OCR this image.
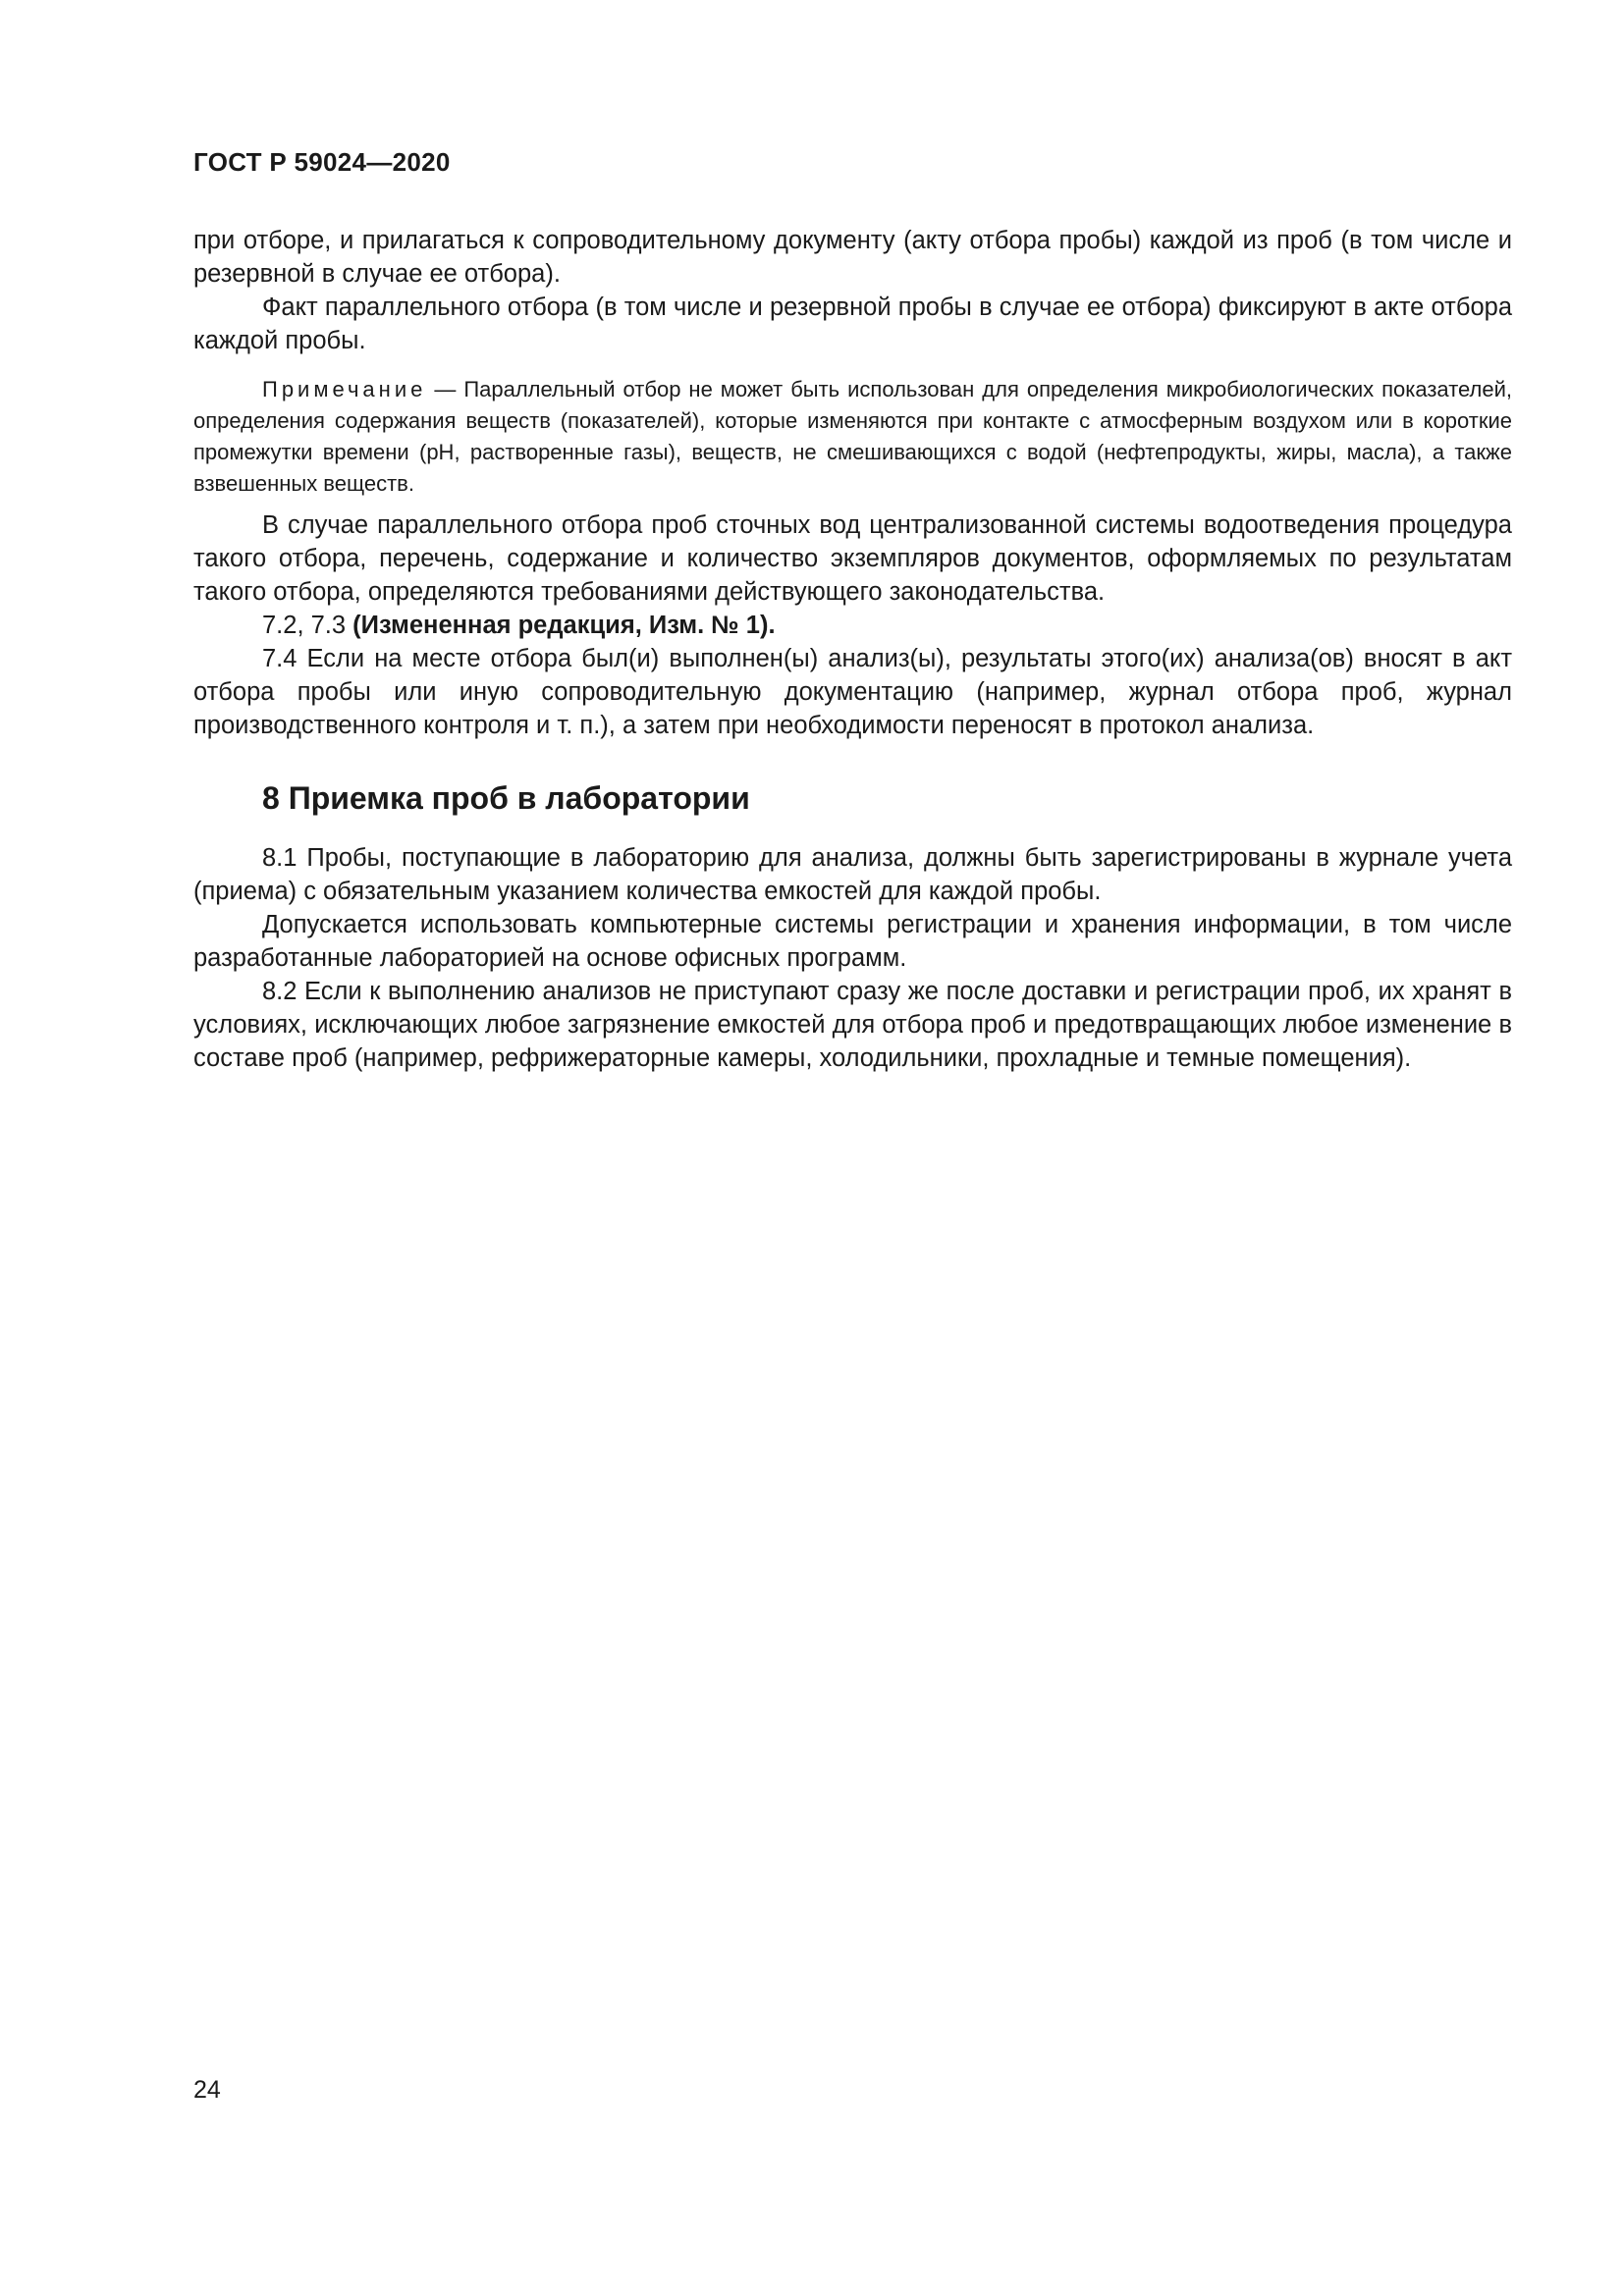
ГОСТ Р 59024—2020

при отборе, и прилагаться к сопроводительному документу (акту отбора пробы) каждой из проб (в том числе и резервной в случае ее отбора).

Факт параллельного отбора (в том числе и резервной пробы в случае ее отбора) фиксируют в акте отбора каждой пробы.

Примечание — Параллельный отбор не может быть использован для определения микробиологических показателей, определения содержания веществ (показателей), которые изменяются при контакте с атмосферным воздухом или в короткие промежутки времени (pH, растворенные газы), веществ, не смешивающихся с водой (нефтепродукты, жиры, масла), а также взвешенных веществ.

В случае параллельного отбора проб сточных вод централизованной системы водоотведения процедура такого отбора, перечень, содержание и количество экземпляров документов, оформляемых по результатам такого отбора, определяются требованиями действующего законодательства.

7.2, 7.3 (Измененная редакция, Изм. № 1).

7.4 Если на месте отбора был(и) выполнен(ы) анализ(ы), результаты этого(их) анализа(ов) вносят в акт отбора пробы или иную сопроводительную документацию (например, журнал отбора проб, журнал производственного контроля и т. п.), а затем при необходимости переносят в протокол анализа.

8 Приемка проб в лаборатории

8.1 Пробы, поступающие в лабораторию для анализа, должны быть зарегистрированы в журнале учета (приема) с обязательным указанием количества емкостей для каждой пробы.

Допускается использовать компьютерные системы регистрации и хранения информации, в том числе разработанные лабораторией на основе офисных программ.

8.2 Если к выполнению анализов не приступают сразу же после доставки и регистрации проб, их хранят в условиях, исключающих любое загрязнение емкостей для отбора проб и предотвращающих любое изменение в составе проб (например, рефрижераторные камеры, холодильники, прохладные и темные помещения).

24
